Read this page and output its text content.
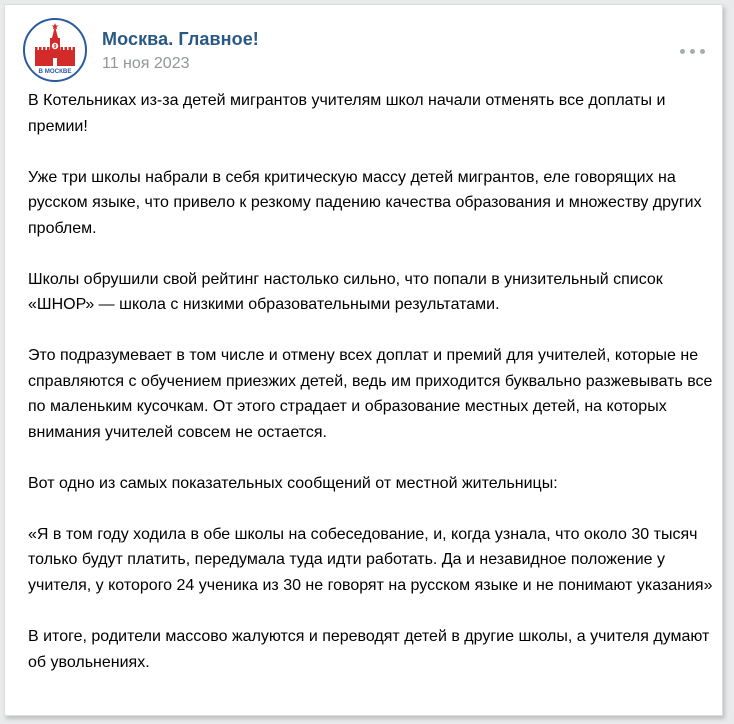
9
В МОСКВЕ
Москва. Главное!
11 ноя 2023

В Котельниках из-за детей мигрантов учителям школ начали отменять все доплаты и премии!

Уже три школы набрали в себя критическую массу детей мигрантов, еле говорящих на русском языке, что привело к резкому падению качества образования и множеству других проблем.

Школы обрушили свой рейтинг настолько сильно, что попали в унизительный список «ШНОР» — школа с низкими образовательными результатами.

Это подразумевает в том числе и отмену всех доплат и премий для учителей, которые не справляются с обучением приезжих детей, ведь им приходится буквально разжевывать все по маленьким кусочкам. От этого страдает и образование местных детей, на которых внимания учителей совсем не остается.

Вот одно из самых показательных сообщений от местной жительницы:

«Я в том году ходила в обе школы на собеседование, и, когда узнала, что около 30 тысяч только будут платить, передумала туда идти работать. Да и незавидное положение у учителя, у которого 24 ученика из 30 не говорят на русском языке и не понимают указания»

В итоге, родители массово жалуются и переводят детей в другие школы, а учителя думают об увольнениях.
